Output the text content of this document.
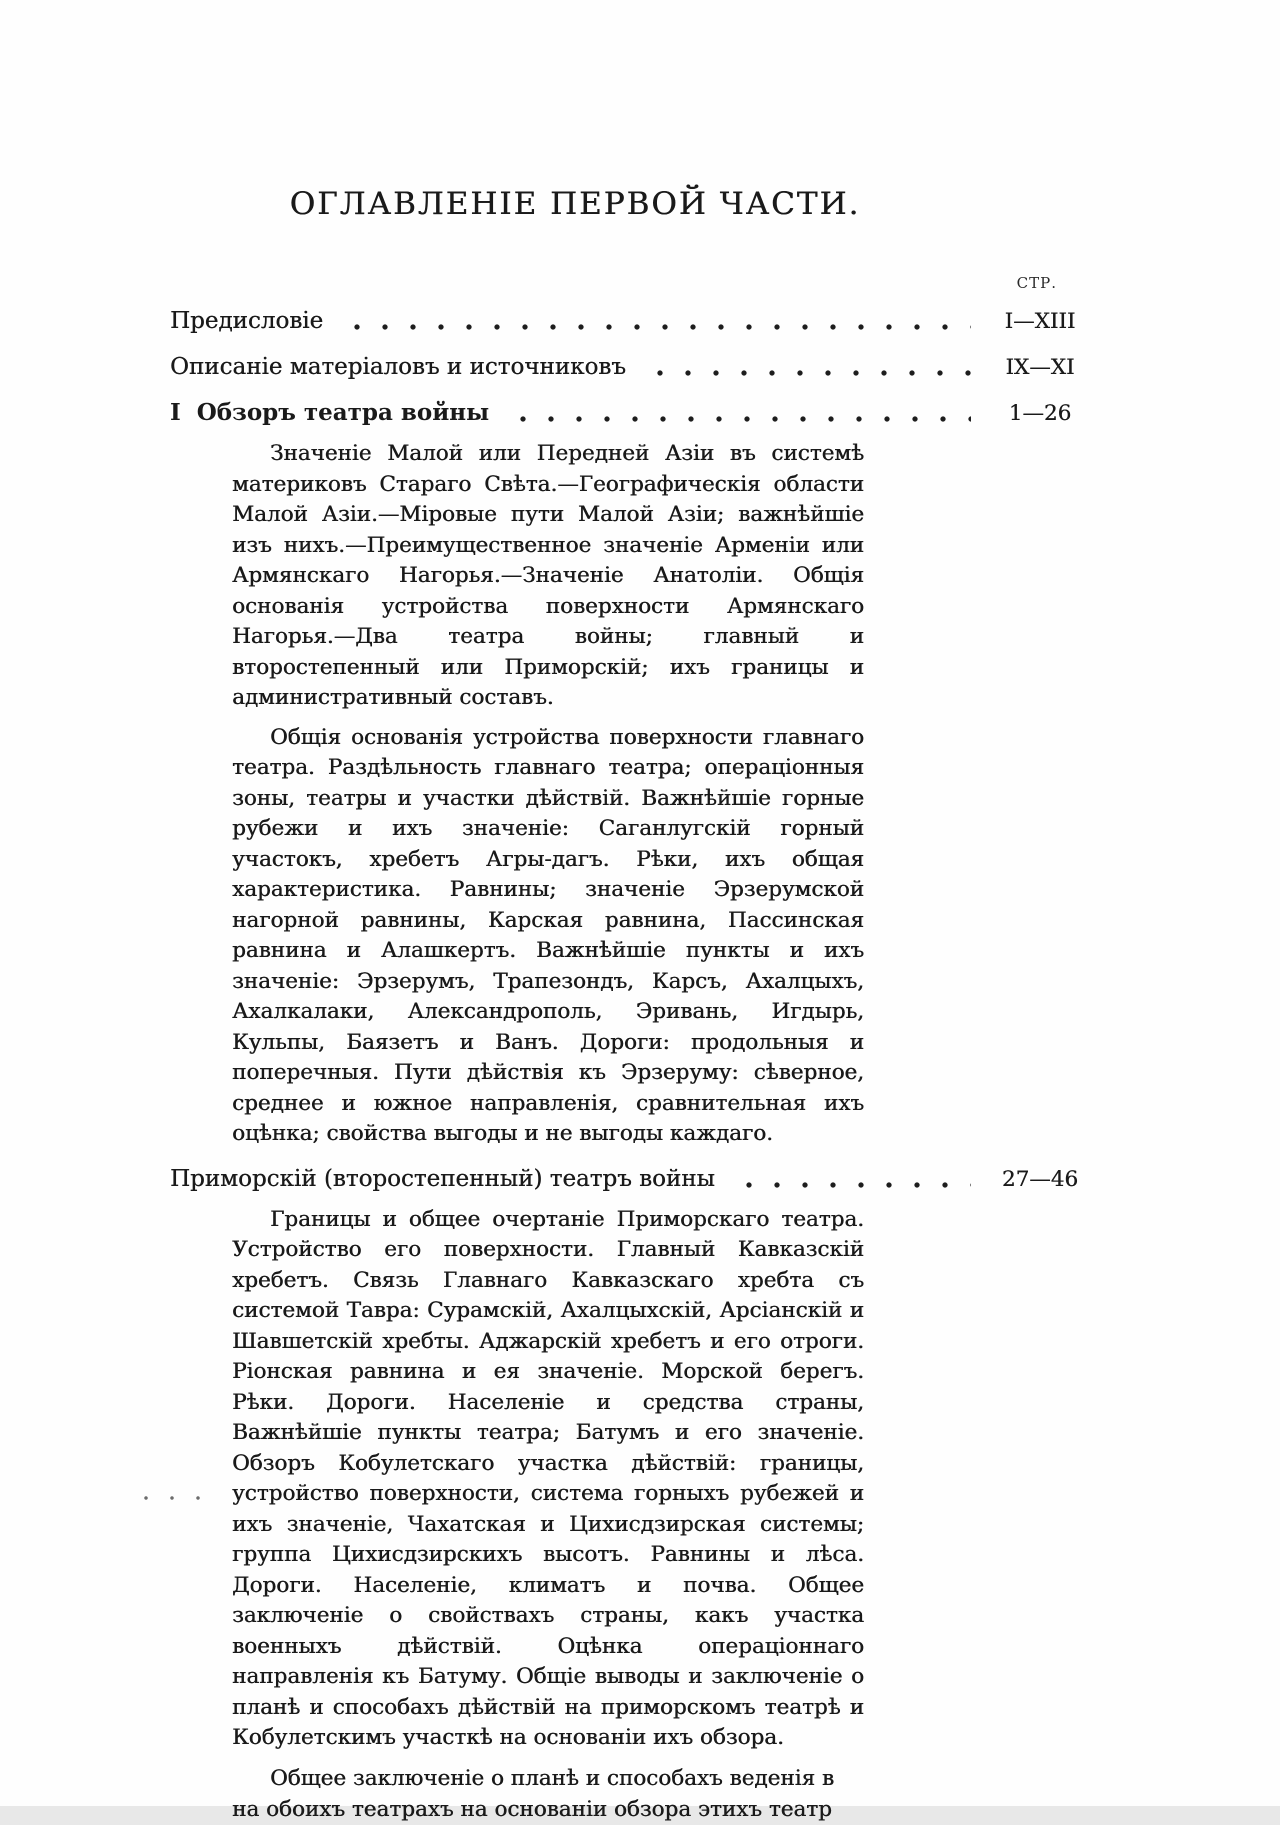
ОГЛАВЛЕНІЕ ПЕРВОЙ ЧАСТИ.
СТР.
Предисловіе	I—XIII
Описаніе матеріаловъ и источниковъ	IX—XI
I Обзоръ театра войны	1—26

Значеніе Малой или Передней Азіи въ системѣ материковъ Стараго Свѣта.—Географическія области Малой Азіи.—Міровые пути Малой Азіи; важнѣйшіе изъ нихъ.—Преимущественное значеніе Арменіи или Армянскаго Нагорья.—Значеніе Анатоліи. Общія основанія устройства поверхности Армянскаго Нагорья.—Два театра войны; главный и второстепенный или Приморскій; ихъ границы и административный составъ.

Общія основанія устройства поверхности главнаго театра. Раздѣльность главнаго театра; операціонныя зоны, театры и участки дѣйствій. Важнѣйшіе горные рубежи и ихъ значеніе: Саганлугскій горный участокъ, хребетъ Агры-дагъ. Рѣки, ихъ общая характеристика. Равнины; значеніе Эрзерумской нагорной равнины, Карская равнина, Пассинская равнина и Алашкертъ. Важнѣйшіе пункты и ихъ значеніе: Эрзерумъ, Трапезондъ, Карсъ, Ахалцыхъ, Ахалкалаки, Александрополь, Эривань, Игдырь, Кульпы, Баязетъ и Ванъ. Дороги: продольныя и поперечныя. Пути дѣйствія къ Эрзеруму: сѣверное, среднее и южное направленія, сравнительная ихъ оцѣнка; свойства выгоды и не выгоды каждаго.

Приморскій (второстепенный) театръ войны	27—46

Границы и общее очертаніе Приморскаго театра. Устройство его поверхности. Главный Кавказскій хребетъ. Связь Главнаго Кавказскаго хребта съ системой Тавра: Сурамскій, Ахалцыхскій, Арсіанскій и Шавшетскій хребты. Аджарскій хребетъ и его отроги. Ріонская равнина и ея значеніе. Морской берегъ. Рѣки. Дороги. Населеніе и средства страны, Важнѣйшіе пункты театра; Батумъ и его значеніе. Обзоръ Кобулетскаго участка дѣйствій: границы, устройство поверхности, система горныхъ рубежей и ихъ значеніе, Чахатская и Цихисдзирская системы; группа Цихисдзирскихъ высотъ. Равнины и лѣса. Дороги. Населеніе, климатъ и почва. Общее заключеніе о свойствахъ страны, какъ участка военныхъ дѣйствій. Оцѣнка операціоннаго направленія къ Батуму. Общіе выводы и заключеніе о планѣ и способахъ дѣйствій на приморскомъ театрѣ и Кобулетскимъ участкѣ на основаніи ихъ обзора.

Общее заключеніе о планѣ и способахъ веденія в
на обоихъ театрахъ на основаніи обзора этихъ театр
